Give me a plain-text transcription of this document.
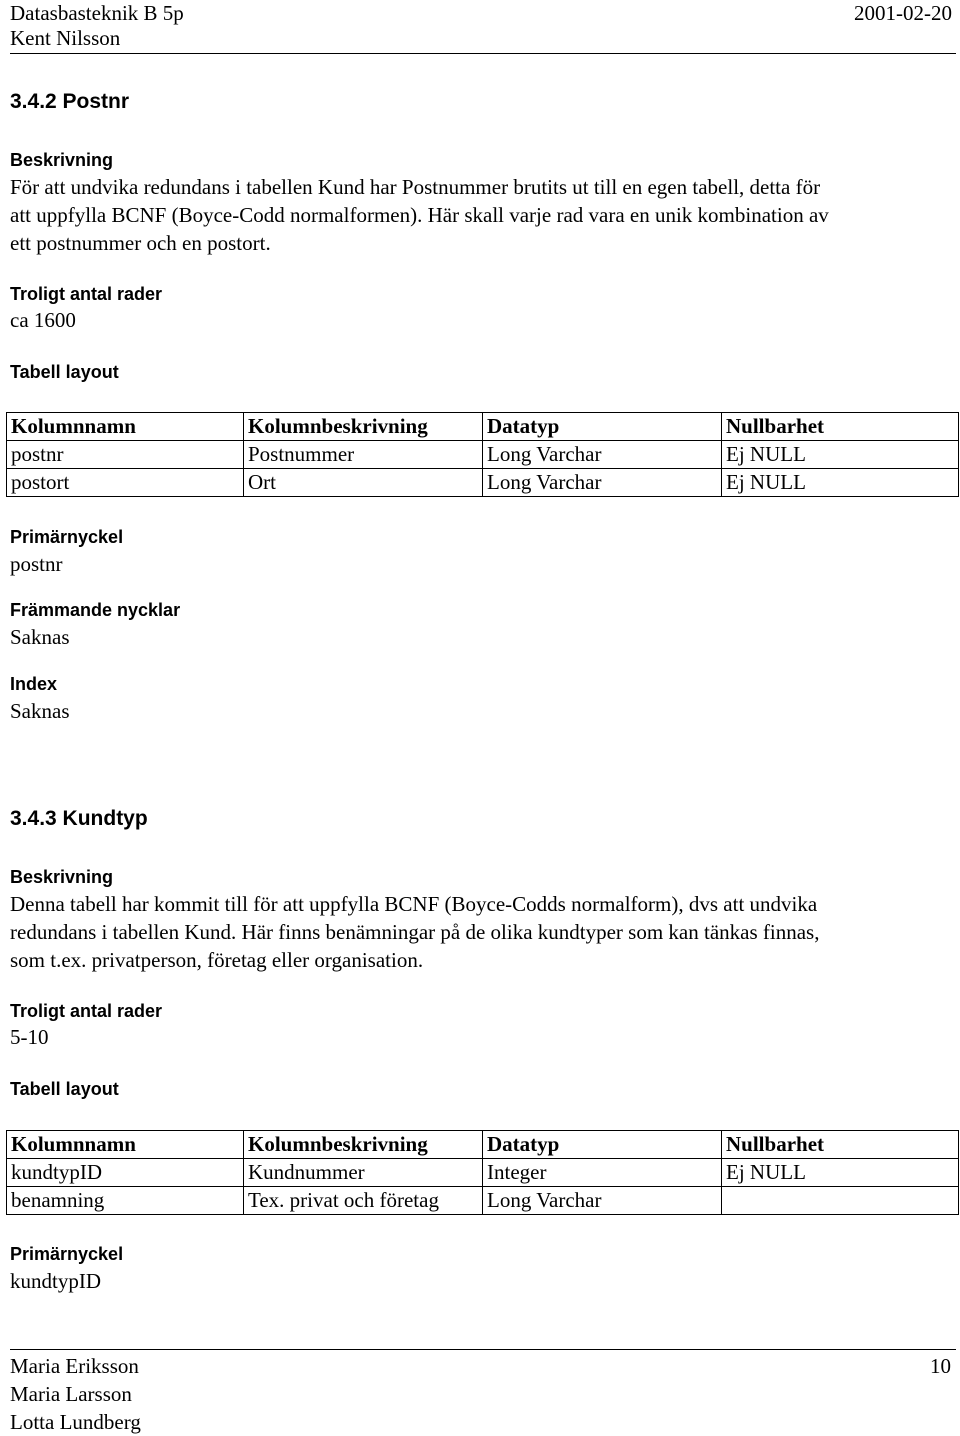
Datasbasteknik B 5p	2001-02-20
Kent Nilsson
3.4.2 Postnr
Beskrivning
För att undvika redundans i tabellen Kund har Postnummer brutits ut till en egen tabell, detta för
att uppfylla BCNF (Boyce-Codd normalformen). Här skall varje rad vara en unik kombination av
ett postnummer och en postort.
Troligt antal rader
ca 1600
Tabell layout
Kolumnnamn	Kolumnbeskrivning	Datatyp	Nullbarhet
postnr	Postnummer	Long Varchar	Ej NULL
postort	Ort	Long Varchar	Ej NULL
Primärnyckel
postnr
Främmande nycklar
Saknas
Index
Saknas
3.4.3 Kundtyp
Beskrivning
Denna tabell har kommit till för att uppfylla BCNF (Boyce-Codds normalform), dvs att undvika
redundans i tabellen Kund. Här finns benämningar på de olika kundtyper som kan tänkas finnas,
som t.ex. privatperson, företag eller organisation.
Troligt antal rader
5-10
Tabell layout
Kolumnnamn	Kolumnbeskrivning	Datatyp	Nullbarhet
kundtypID	Kundnummer	Integer	Ej NULL
benamning	Tex. privat och företag	Long Varchar	
Primärnyckel
kundtypID
Maria Eriksson
Maria Larsson
Lotta Lundberg
10
